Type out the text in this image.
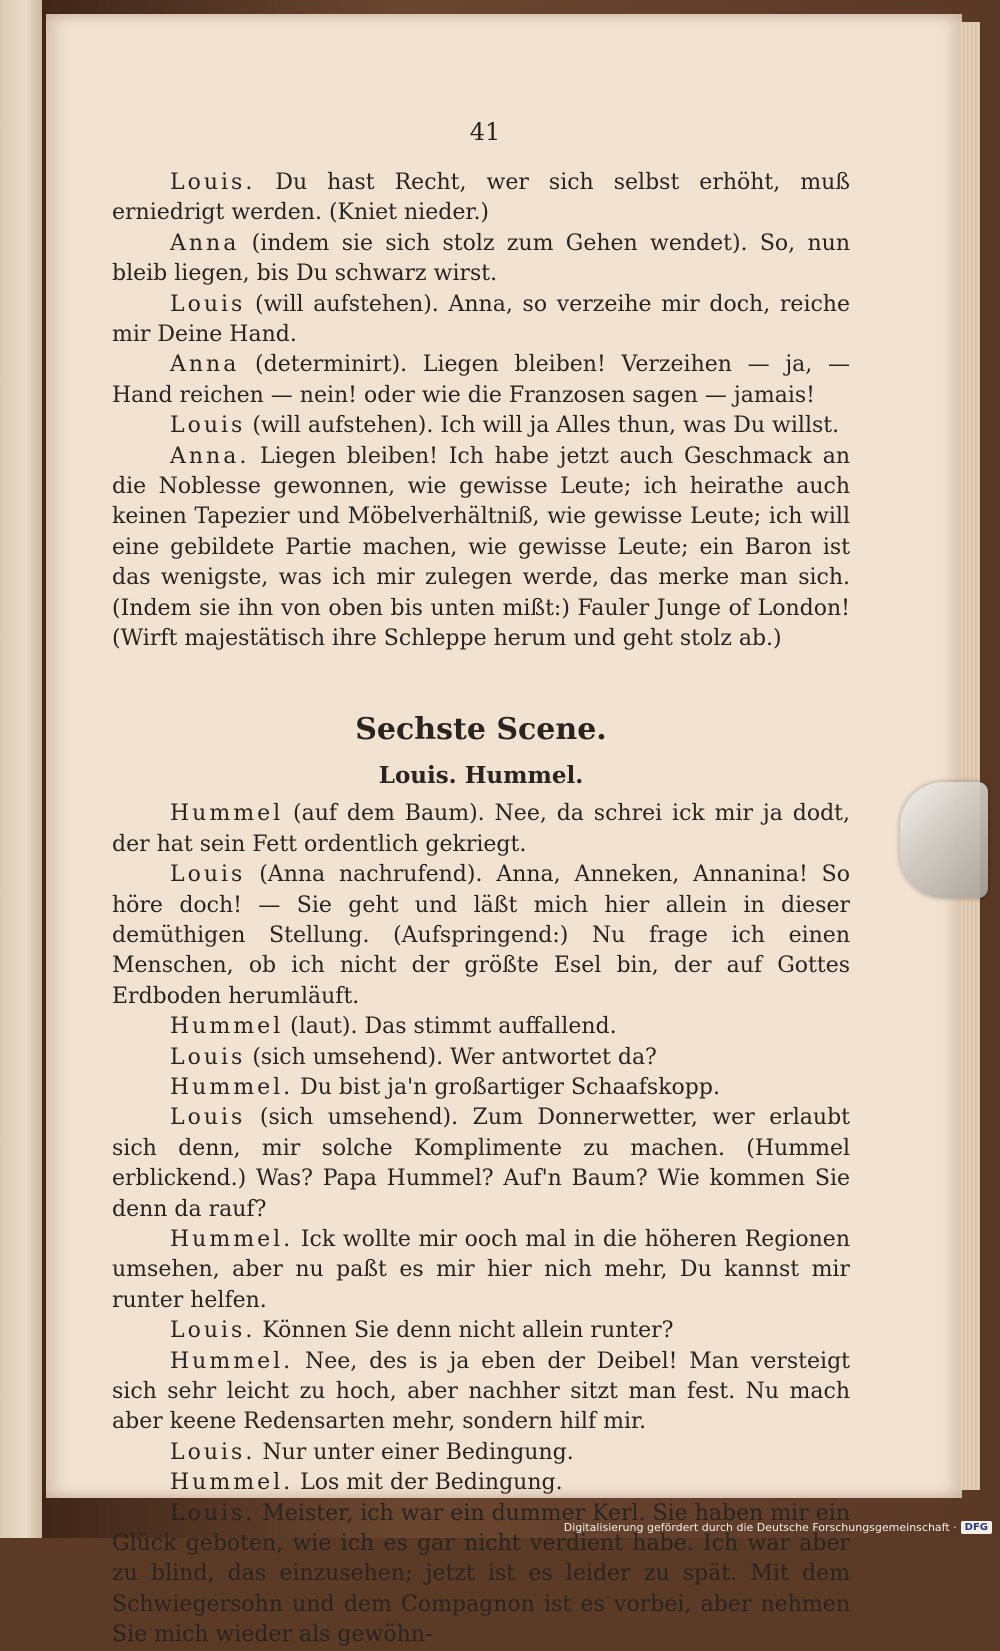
41

Louis. Du hast Recht, wer sich selbst erhöht, muß erniedrigt werden. (Kniet nieder.)

Anna (indem sie sich stolz zum Gehen wendet). So, nun bleib liegen, bis Du schwarz wirst.

Louis (will aufstehen). Anna, so verzeihe mir doch, reiche mir Deine Hand.

Anna (determinirt). Liegen bleiben! Verzeihen — ja, — Hand reichen — nein! oder wie die Franzosen sagen — jamais!

Louis (will aufstehen). Ich will ja Alles thun, was Du willst.

Anna. Liegen bleiben! Ich habe jetzt auch Geschmack an die Noblesse gewonnen, wie gewisse Leute; ich heirathe auch keinen Tapezier und Möbelverhältniß, wie gewisse Leute; ich will eine gebildete Partie machen, wie gewisse Leute; ein Baron ist das wenigste, was ich mir zulegen werde, das merke man sich. (Indem sie ihn von oben bis unten mißt:) Fauler Junge of London! (Wirft majestätisch ihre Schleppe herum und geht stolz ab.)

Sechste Scene.
Louis. Hummel.

Hummel (auf dem Baum). Nee, da schrei ick mir ja dodt, der hat sein Fett ordentlich gekriegt.

Louis (Anna nachrufend). Anna, Anneken, Annanina! So höre doch! — Sie geht und läßt mich hier allein in dieser demüthigen Stellung. (Aufspringend:) Nu frage ich einen Menschen, ob ich nicht der größte Esel bin, der auf Gottes Erdboden herumläuft.

Hummel (laut). Das stimmt auffallend.

Louis (sich umsehend). Wer antwortet da?

Hummel. Du bist ja'n großartiger Schaafskopp.

Louis (sich umsehend). Zum Donnerwetter, wer erlaubt sich denn, mir solche Komplimente zu machen. (Hummel erblickend.) Was? Papa Hummel? Auf'n Baum? Wie kommen Sie denn da rauf?

Hummel. Ick wollte mir ooch mal in die höheren Regionen umsehen, aber nu paßt es mir hier nich mehr, Du kannst mir runter helfen.

Louis. Können Sie denn nicht allein runter?

Hummel. Nee, des is ja eben der Deibel! Man versteigt sich sehr leicht zu hoch, aber nachher sitzt man fest. Nu mach aber keene Redensarten mehr, sondern hilf mir.

Louis. Nur unter einer Bedingung.

Hummel. Los mit der Bedingung.

Louis. Meister, ich war ein dummer Kerl. Sie haben mir ein Glück geboten, wie ich es gar nicht verdient habe. Ich war aber zu blind, das einzusehen; jetzt ist es leider zu spät. Mit dem Schwiegersohn und dem Compagnon ist es vorbei, aber nehmen Sie mich wieder als gewöhn-

Digitalisierung gefördert durch die Deutsche Forschungsgemeinschaft · DFG
